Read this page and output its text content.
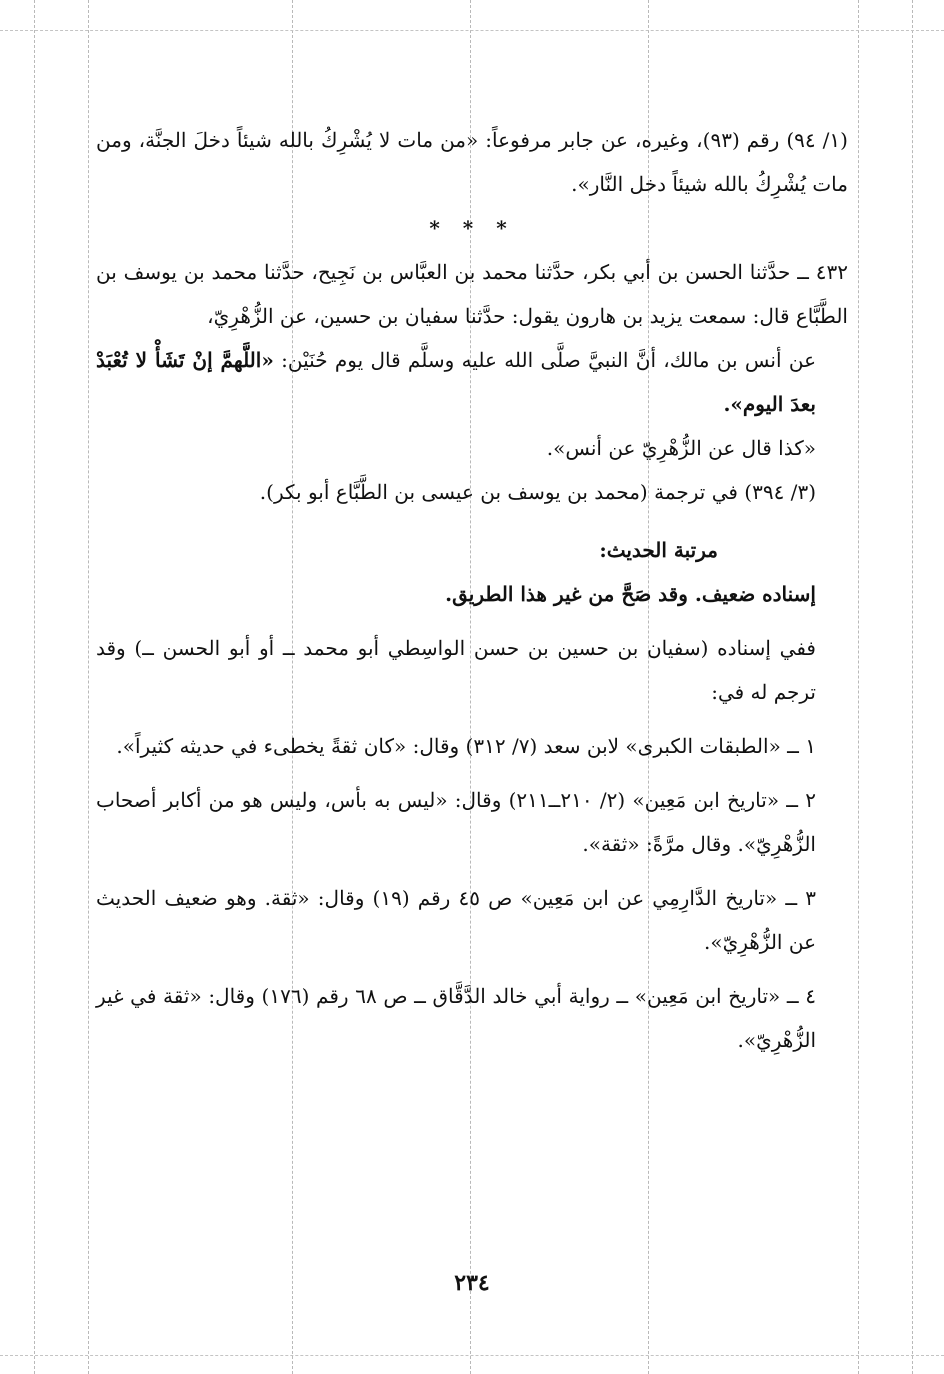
(١/ ٩٤) رقم (٩٣)، وغيره، عن جابر مرفوعاً: «من مات لا يُشْرِكُ بالله شيئاً دخلَ الجنَّة، ومن مات يُشْرِكُ بالله شيئاً دخل النَّار».

* * *

٤٣٢ ــ حدَّثنا الحسن بن أبي بكر، حدَّثنا محمد بن العبَّاس بن نَجِيح، حدَّثنا محمد بن يوسف بن الطَّبَّاع قال: سمعت يزيد بن هارون يقول: حدَّثنا سفيان بن حسين، عن الزُّهْرِيّ،

عن أنس بن مالك، أنَّ النبيَّ صلَّى الله عليه وسلَّم قال يوم حُنَيْن: «اللَّهمَّ إنْ تَشَأْ لا تُعْبَدْ بعدَ اليوم».

«كذا قال عن الزُّهْرِيّ عن أنس».

(٣/ ٣٩٤) في ترجمة (محمد بن يوسف بن عيسى بن الطَّبَّاع أبو بكر).

مرتبة الحديث:

إسناده ضعيف. وقد صَحَّ من غير هذا الطريق.

ففي إسناده (سفيان بن حسين بن حسن الواسِطي أبو محمد ــ أو أبو الحسن ــ) وقد ترجم له في:

١ ــ «الطبقات الكبرى» لابن سعد (٧/ ٣١٢) وقال: «كان ثقةً يخطىء في حديثه كثيراً».

٢ ــ «تاريخ ابن مَعِين» (٢/ ٢١٠ــ٢١١) وقال: «ليس به بأس، وليس هو من أكابر أصحاب الزُّهْرِيّ». وقال مرَّةً: «ثقة».

٣ ــ «تاريخ الدَّارِمِي عن ابن مَعِين» ص ٤٥ رقم (١٩) وقال: «ثقة. وهو ضعيف الحديث عن الزُّهْرِيّ».

٤ ــ «تاريخ ابن مَعِين» ــ رواية أبي خالد الدَّقَّاق ــ ص ٦٨ رقم (١٧٦) وقال: «ثقة في غير الزُّهْرِيّ».

٢٣٤
